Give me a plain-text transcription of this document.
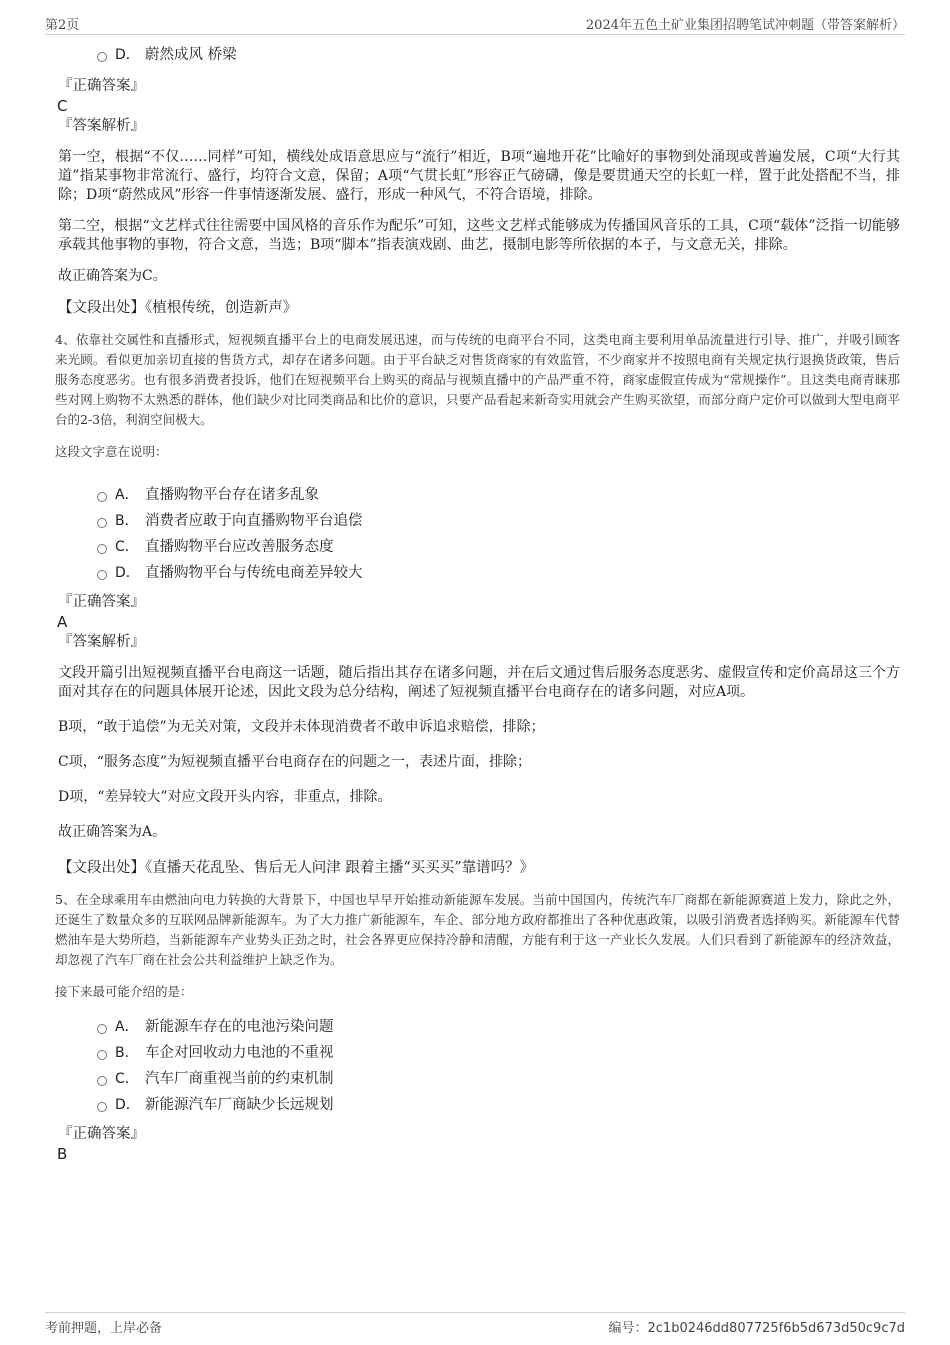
第2页	2024年五色土矿业集团招聘笔试冲刺题（带答案解析）
D． 蔚然成风 桥梁
『正确答案』
C
『答案解析』

第一空，根据“不仅……同样”可知，横线处成语意思应与“流行”相近，B项“遍地开花”比喻好的事物到处涌现或普遍发展，C项“大行其道”指某事物非常流行、盛行，均符合文意，保留；A项“气贯长虹”形容正气磅礴，像是要贯通天空的长虹一样，置于此处搭配不当，排除；D项“蔚然成风”形容一件事情逐渐发展、盛行，形成一种风气，不符合语境，排除。

第二空，根据“文艺样式往往需要中国风格的音乐作为配乐”可知，这些文艺样式能够成为传播国风音乐的工具，C项“载体”泛指一切能够承载其他事物的事物，符合文意，当选；B项“脚本”指表演戏剧、曲艺，摄制电影等所依据的本子，与文意无关，排除。

故正确答案为C。

【文段出处】《植根传统，创造新声》

4、依靠社交属性和直播形式，短视频直播平台上的电商发展迅速，而与传统的电商平台不同，这类电商主要利用单品流量进行引导、推广，并吸引顾客来光顾。看似更加亲切直接的售货方式，却存在诸多问题。由于平台缺乏对售货商家的有效监管，不少商家并不按照电商有关规定执行退换货政策，售后服务态度恶劣。也有很多消费者投诉，他们在短视频平台上购买的商品与视频直播中的产品严重不符，商家虚假宣传成为“常规操作”。且这类电商青睐那些对网上购物不太熟悉的群体，他们缺少对比同类商品和比价的意识，只要产品看起来新奇实用就会产生购买欲望，而部分商户定价可以做到大型电商平台的2-3倍，利润空间极大。

这段文字意在说明：
A． 直播购物平台存在诸多乱象
B． 消费者应敢于向直播购物平台追偿
C． 直播购物平台应改善服务态度
D． 直播购物平台与传统电商差异较大
『正确答案』
A
『答案解析』

文段开篇引出短视频直播平台电商这一话题，随后指出其存在诸多问题，并在后文通过售后服务态度恶劣、虚假宣传和定价高昂这三个方面对其存在的问题具体展开论述，因此文段为总分结构，阐述了短视频直播平台电商存在的诸多问题，对应A项。

B项，“敢于追偿”为无关对策，文段并未体现消费者不敢申诉追求赔偿，排除；

C项，“服务态度”为短视频直播平台电商存在的问题之一，表述片面，排除；

D项，“差异较大”对应文段开头内容，非重点，排除。

故正确答案为A。

【文段出处】《直播天花乱坠、售后无人问津 跟着主播“买买买”靠谱吗？》

5、在全球乘用车由燃油向电力转换的大背景下，中国也早早开始推动新能源车发展。当前中国国内，传统汽车厂商都在新能源赛道上发力，除此之外，还诞生了数量众多的互联网品牌新能源车。为了大力推广新能源车，车企、部分地方政府都推出了各种优惠政策，以吸引消费者选择购买。新能源车代替燃油车是大势所趋，当新能源车产业势头正劲之时，社会各界更应保持冷静和清醒，方能有利于这一产业长久发展。人们只看到了新能源车的经济效益，却忽视了汽车厂商在社会公共利益维护上缺乏作为。

接下来最可能介绍的是：
A． 新能源车存在的电池污染问题
B． 车企对回收动力电池的不重视
C． 汽车厂商重视当前的约束机制
D． 新能源汽车厂商缺少长远规划
『正确答案』
B
考前押题，上岸必备	编号：2c1b0246dd807725f6b5d673d50c9c7d
